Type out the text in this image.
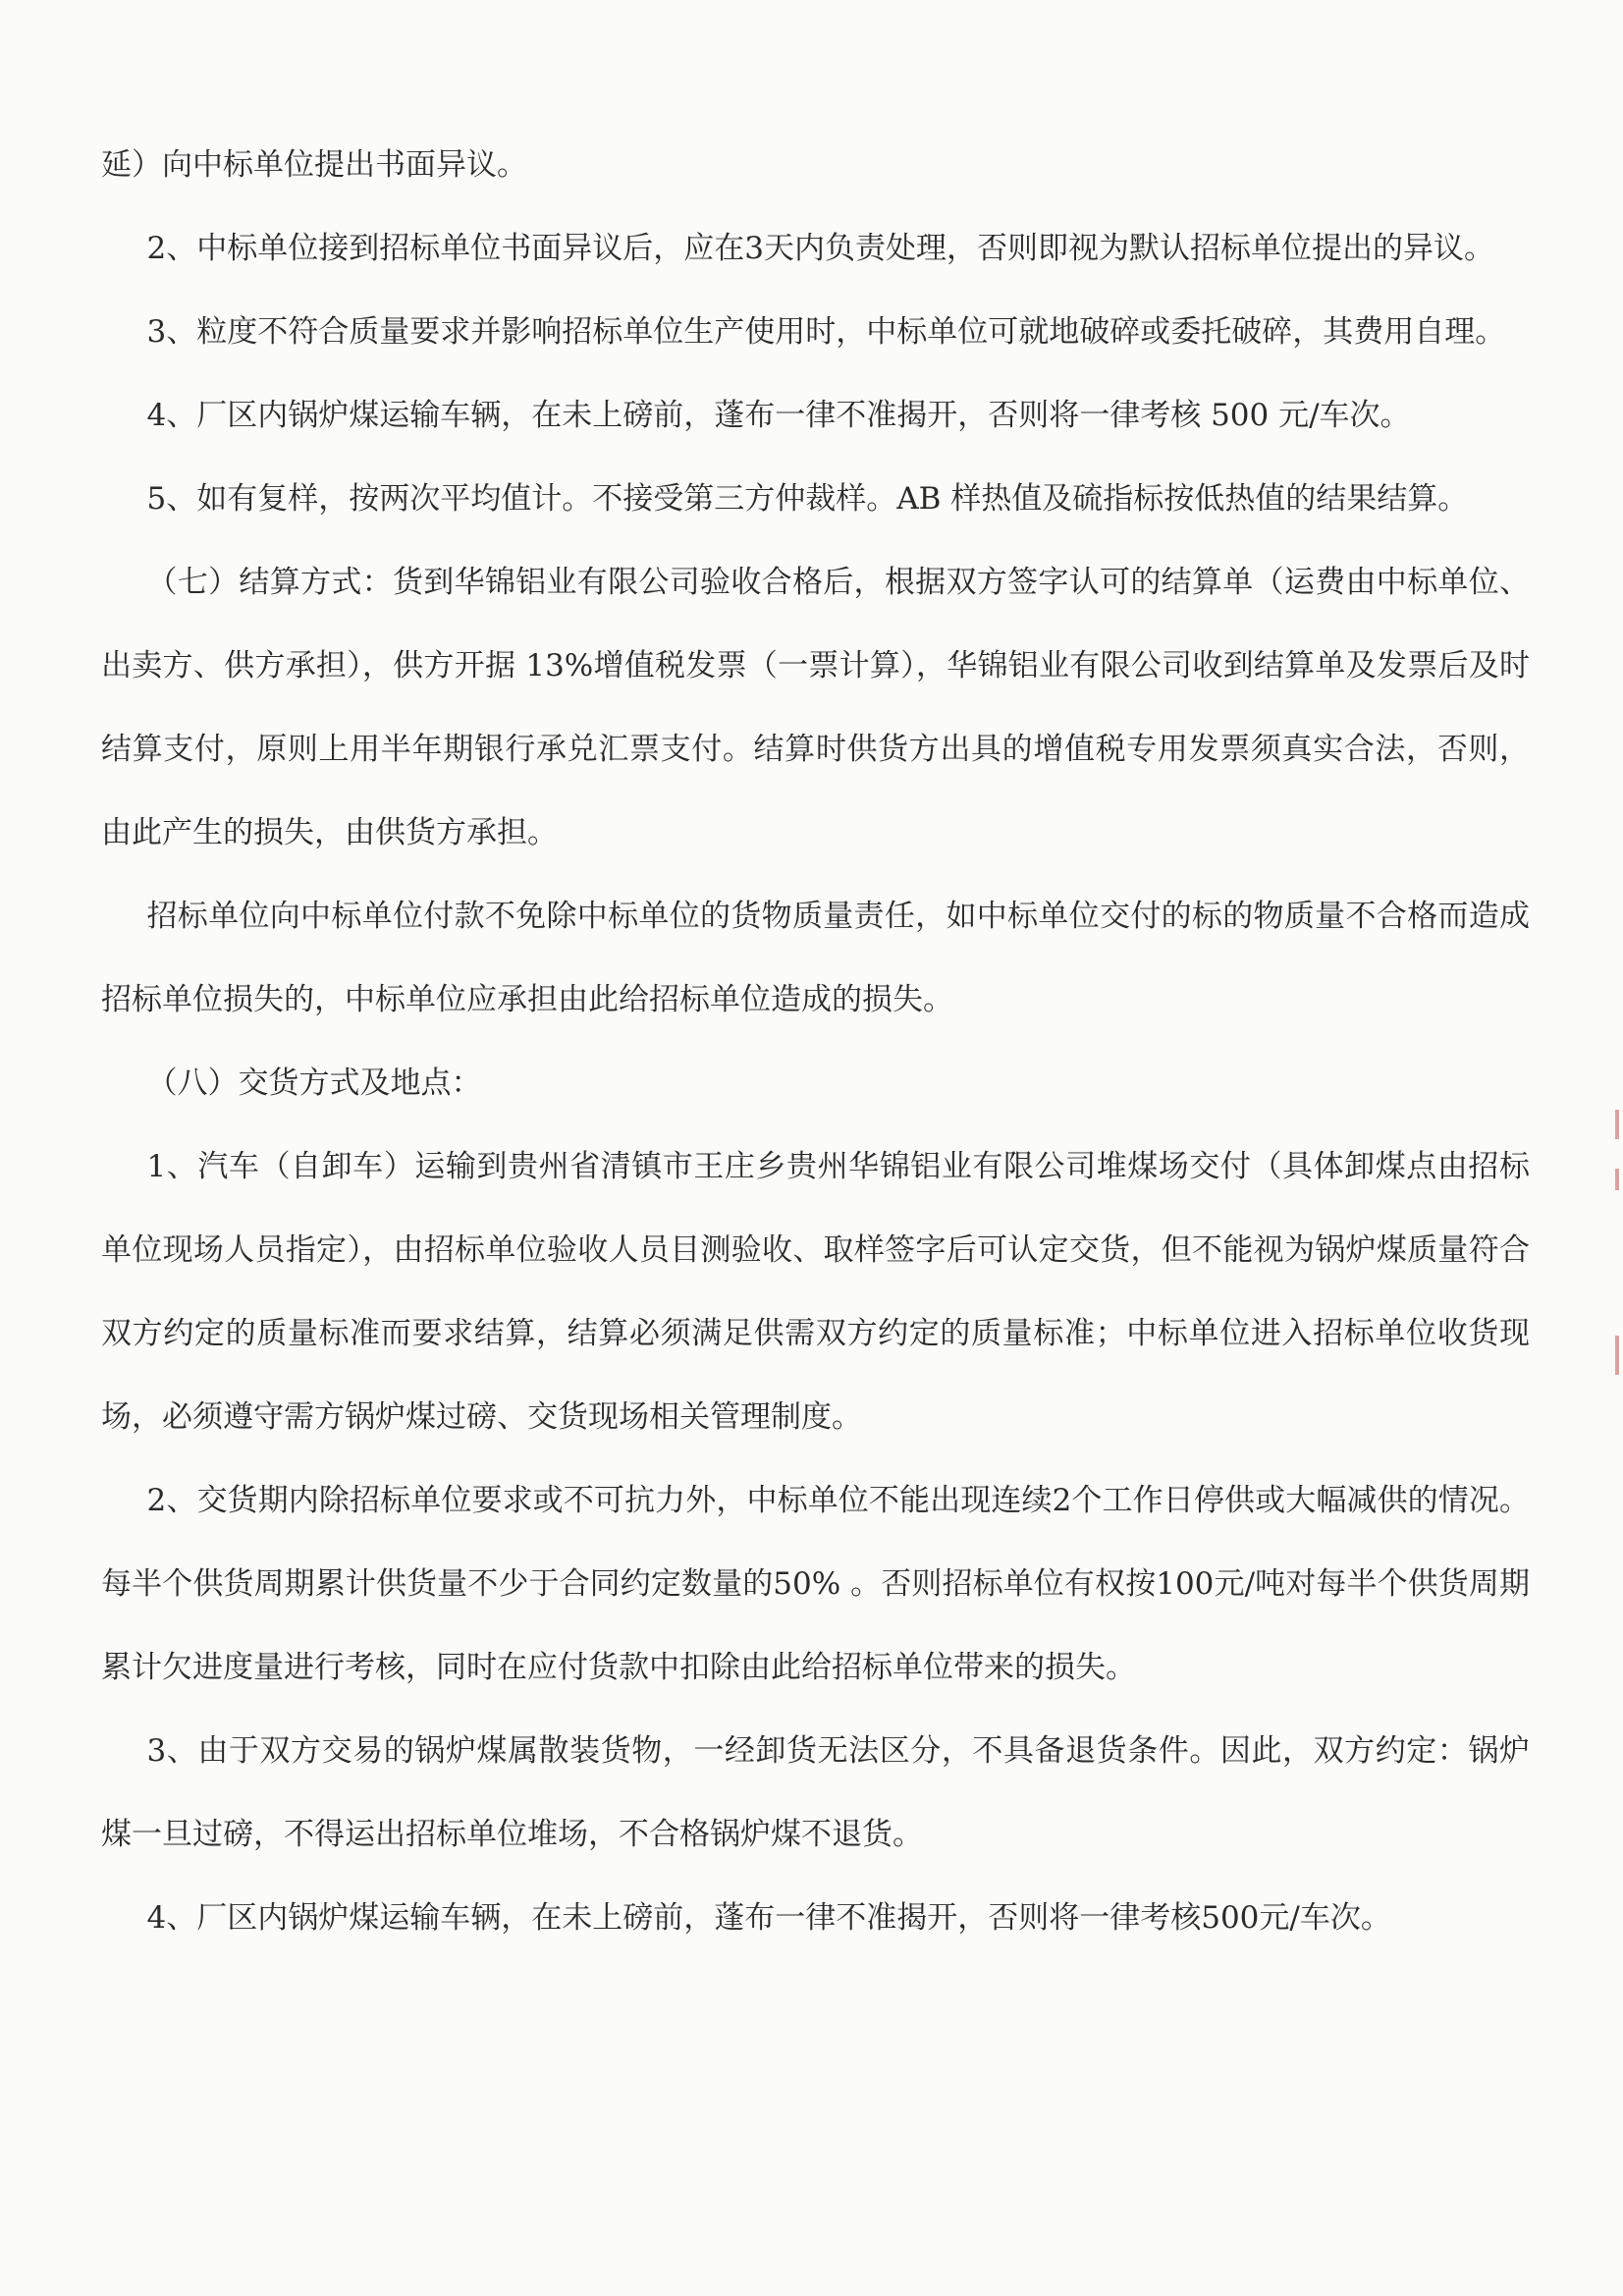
延）向中标单位提出书面异议。

2、中标单位接到招标单位书面异议后，应在3天内负责处理，否则即视为默认招标单位提出的异议。

3、粒度不符合质量要求并影响招标单位生产使用时，中标单位可就地破碎或委托破碎，其费用自理。

4、厂区内锅炉煤运输车辆，在未上磅前，蓬布一律不准揭开，否则将一律考核 500 元/车次。

5、如有复样，按两次平均值计。不接受第三方仲裁样。AB 样热值及硫指标按低热值的结果结算。

（七）结算方式：货到华锦铝业有限公司验收合格后，根据双方签字认可的结算单（运费由中标单位、出卖方、供方承担），供方开据 13%增值税发票（一票计算），华锦铝业有限公司收到结算单及发票后及时结算支付，原则上用半年期银行承兑汇票支付。结算时供货方出具的增值税专用发票须真实合法，否则，由此产生的损失，由供货方承担。

招标单位向中标单位付款不免除中标单位的货物质量责任，如中标单位交付的标的物质量不合格而造成招标单位损失的，中标单位应承担由此给招标单位造成的损失。

（八）交货方式及地点：

1、汽车（自卸车）运输到贵州省清镇市王庄乡贵州华锦铝业有限公司堆煤场交付（具体卸煤点由招标单位现场人员指定），由招标单位验收人员目测验收、取样签字后可认定交货，但不能视为锅炉煤质量符合双方约定的质量标准而要求结算，结算必须满足供需双方约定的质量标准；中标单位进入招标单位收货现场，必须遵守需方锅炉煤过磅、交货现场相关管理制度。

2、交货期内除招标单位要求或不可抗力外，中标单位不能出现连续2个工作日停供或大幅减供的情况。每半个供货周期累计供货量不少于合同约定数量的50% 。否则招标单位有权按100元/吨对每半个供货周期累计欠进度量进行考核，同时在应付货款中扣除由此给招标单位带来的损失。

3、由于双方交易的锅炉煤属散装货物，一经卸货无法区分，不具备退货条件。因此，双方约定：锅炉煤一旦过磅，不得运出招标单位堆场，不合格锅炉煤不退货。

4、厂区内锅炉煤运输车辆，在未上磅前，蓬布一律不准揭开，否则将一律考核500元/车次。
